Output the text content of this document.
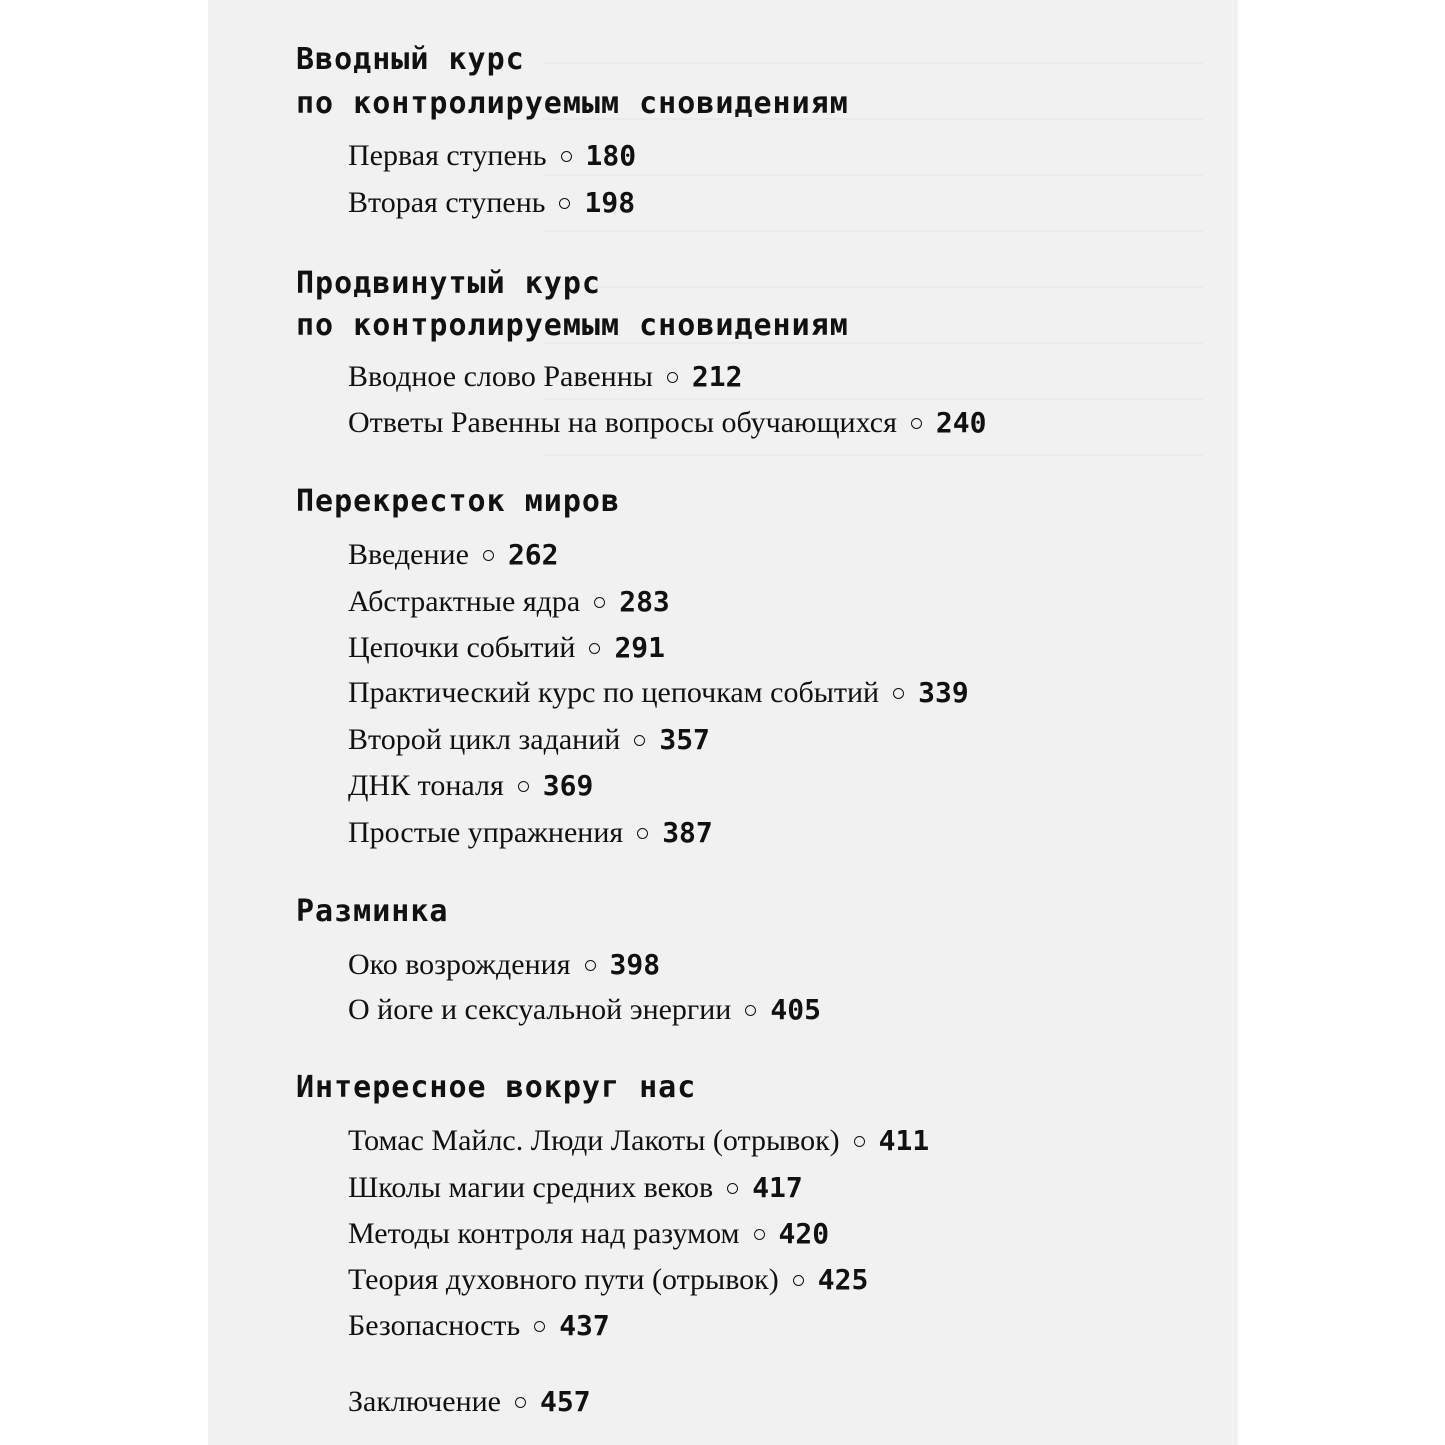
Вводный курс
по контролируемым сновидениям
Первая ступень 180
Вторая ступень 198
Продвинутый курс
по контролируемым сновидениям
Вводное слово Равенны 212
Ответы Равенны на вопросы обучающихся 240
Перекресток миров
Введение 262
Абстрактные ядра 283
Цепочки событий 291
Практический курс по цепочкам событий 339
Второй цикл заданий 357
ДНК тоналя 369
Простые упражнения 387
Разминка
Око возрождения 398
О йоге и сексуальной энергии 405
Интересное вокруг нас
Томас Майлс. Люди Лакоты (отрывок) 411
Школы магии средних веков 417
Методы контроля над разумом 420
Теория духовного пути (отрывок) 425
Безопасность 437
Заключение 457
